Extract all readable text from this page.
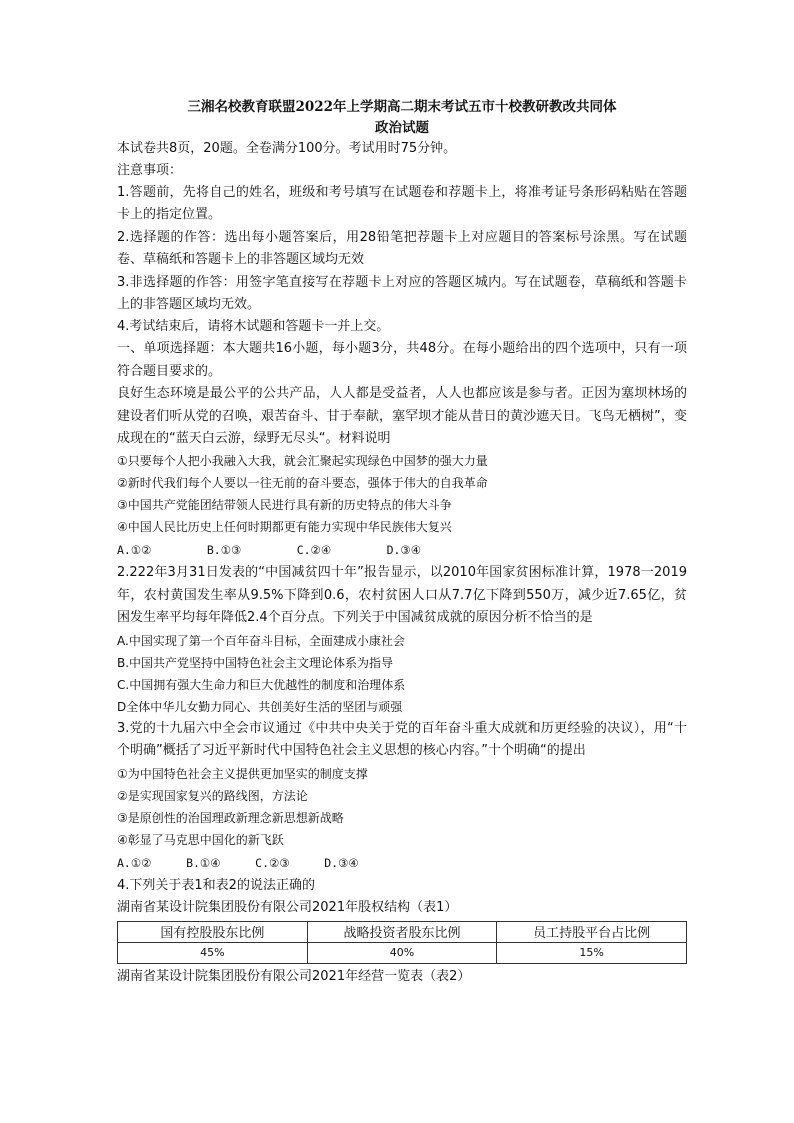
三湘名校教育联盟2022年上学期高二期末考试五市十校教研教改共同体
政治试题
本试卷共8页，20题。全卷满分100分。考试用时75分钟。
注意事项：
1.答题前，先将自己的姓名，班级和考号填写在试题卷和荐题卡上，将准考证号条形码粘贴在答题卡上的指定位置。
2.选择题的作答：选出每小题答案后，用28铅笔把荐题卡上对应题目的答案标号涂黑。写在试题卷、草稿纸和答题卡上的非答题区域均无效
3.非选择题的作答：用签字笔直接写在荐题卡上对应的答题区城内。写在试题卷，草稿纸和答题卡上的非答题区域均无效。
4.考试结束后，请将木试题和答题卡一并上交。
一、单项选择题：本大题共16小题，每小题3分，共48分。在每小题给出的四个选项中，只有一项符合题目要求的。
良好生态环境是最公平的公共产品，人人都是受益者，人人也都应该是参与者。正因为塞坝林场的建设者们听从党的召唤，艰苦奋斗、甘于奉献，塞罕坝才能从昔日的黄沙遮天日。飞鸟无栖树”，变成现在的“蓝天白云游，绿野无尽头“。材料说明
①只要每个人把小我融入大我，就会汇聚起实现绿色中国梦的强大力量
②新时代我们每个人要以一往无前的奋斗要态，强体于伟大的自我革命
③中国共产党能团结带领人民进行具有新的历史特点的伟大斗争
④中国人民比历史上任何时期都更有能力实现中华民族伟大复兴
A.①②        B.①③        C.②④        D.③④
2.222年3月31日发表的“中国减贫四十年”报告显示，以2010年国家贫困标准计算，1978一2019年，农村黄国发生率从9.5%下降到0.6，农村贫困人口从7.7亿下降到550万，减少近7.65亿，贫困发生率平均每年降低2.4个百分点。下列关于中国减贫成就的原因分析不恰当的是
A.中国实现了第一个百年奋斗目标，全面建成小康社会
B.中国共产党坚持中国特色社会主文理论体系为指导
C.中国拥有强大生命力和巨大优越性的制度和治理体系
D全体中华儿女勤力同心、共创美好生活的坚团与顽强
3.党的十九届六中全会市议通过《中共中央关于党的百年奋斗重大成就和历更经验的决议），用“十个明确”概括了习近平新时代中国特色社会主义思想的核心内容。”十个明确“的提出
①为中国特色社会主义提供更加坚实的制度支撑
②是实现国家复兴的路线图，方法论
③是原创性的治国理政新理念新思想新战略
④彰显了马克思中国化的新飞跃
A.①②     B.①④     C.②③     D.③④
4.下列关于表1和表2的说法正确的
湖南省某设计院集团股份有限公司2021年股权结构（表1）
国有控股股东比例	战略投资者股东比例	员工持股平台占比例
45%	40%	15%
湖南省某设计院集团股份有限公司2021年经营一览表（表2）
